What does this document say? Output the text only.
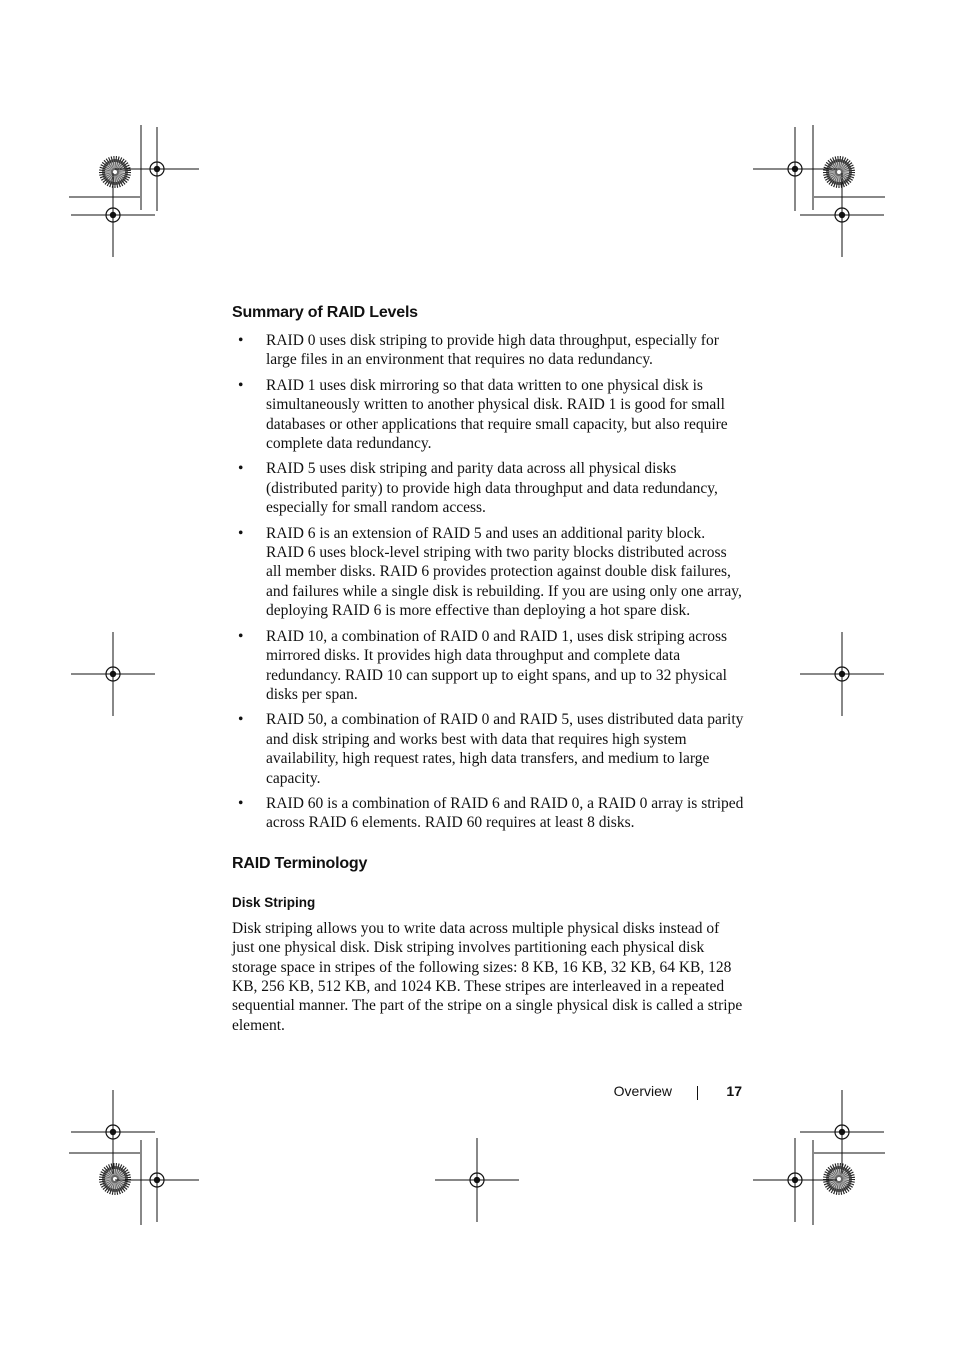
Summary of RAID Levels
• RAID 0 uses disk striping to provide high data throughput, especially for large files in an environment that requires no data redundancy.
• RAID 1 uses disk mirroring so that data written to one physical disk is simultaneously written to another physical disk. RAID 1 is good for small databases or other applications that require small capacity, but also require complete data redundancy.
• RAID 5 uses disk striping and parity data across all physical disks (distributed parity) to provide high data throughput and data redundancy, especially for small random access.
• RAID 6 is an extension of RAID 5 and uses an additional parity block. RAID 6 uses block-level striping with two parity blocks distributed across all member disks. RAID 6 provides protection against double disk failures, and failures while a single disk is rebuilding. If you are using only one array, deploying RAID 6 is more effective than deploying a hot spare disk.
• RAID 10, a combination of RAID 0 and RAID 1, uses disk striping across mirrored disks. It provides high data throughput and complete data redundancy. RAID 10 can support up to eight spans, and up to 32 physical disks per span.
• RAID 50, a combination of RAID 0 and RAID 5, uses distributed data parity and disk striping and works best with data that requires high system availability, high request rates, high data transfers, and medium to large capacity.
• RAID 60 is a combination of RAID 6 and RAID 0, a RAID 0 array is striped across RAID 6 elements. RAID 60 requires at least 8 disks.
RAID Terminology
Disk Striping

Disk striping allows you to write data across multiple physical disks instead of just one physical disk. Disk striping involves partitioning each physical disk storage space in stripes of the following sizes: 8 KB, 16 KB, 32 KB, 64 KB, 128 KB, 256 KB, 512 KB, and 1024 KB. These stripes are interleaved in a repeated sequential manner. The part of the stripe on a single physical disk is called a stripe element.

Overview	17
